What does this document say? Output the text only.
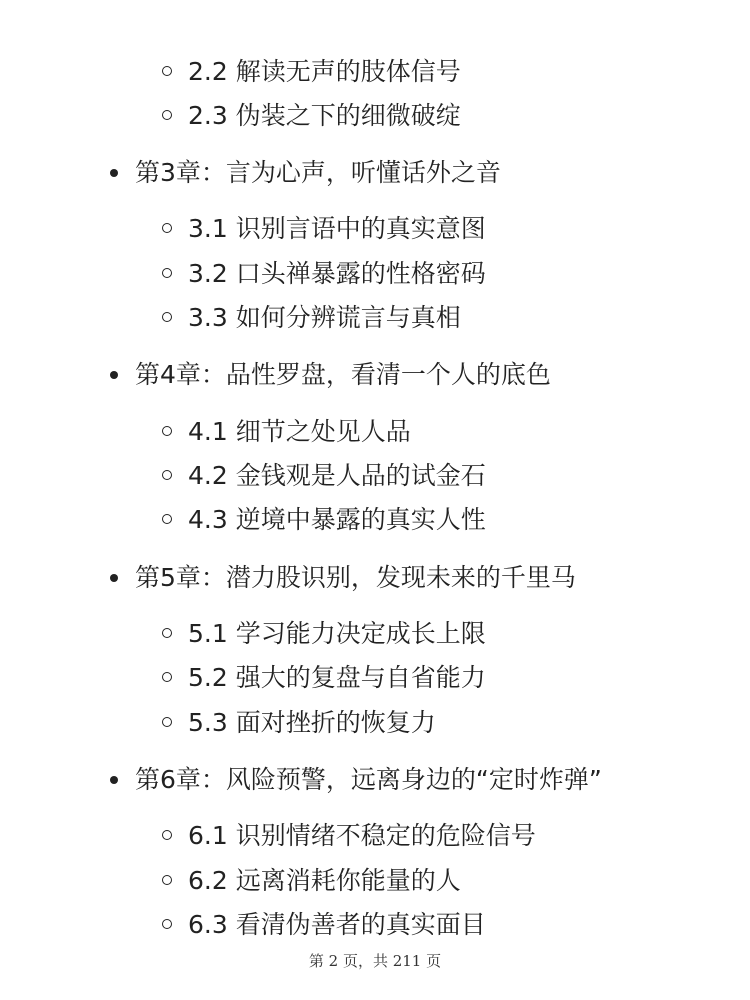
2.2 解读无声的肢体信号
2.3 伪装之下的细微破绽
第3章：言为心声，听懂话外之音
3.1 识别言语中的真实意图
3.2 口头禅暴露的性格密码
3.3 如何分辨谎言与真相
第4章：品性罗盘，看清一个人的底色
4.1 细节之处见人品
4.2 金钱观是人品的试金石
4.3 逆境中暴露的真实人性
第5章：潜力股识别，发现未来的千里马
5.1 学习能力决定成长上限
5.2 强大的复盘与自省能力
5.3 面对挫折的恢复力
第6章：风险预警，远离身边的“定时炸弹”
6.1 识别情绪不稳定的危险信号
6.2 远离消耗你能量的人
6.3 看清伪善者的真实面目
第 2 页，共 211 页
